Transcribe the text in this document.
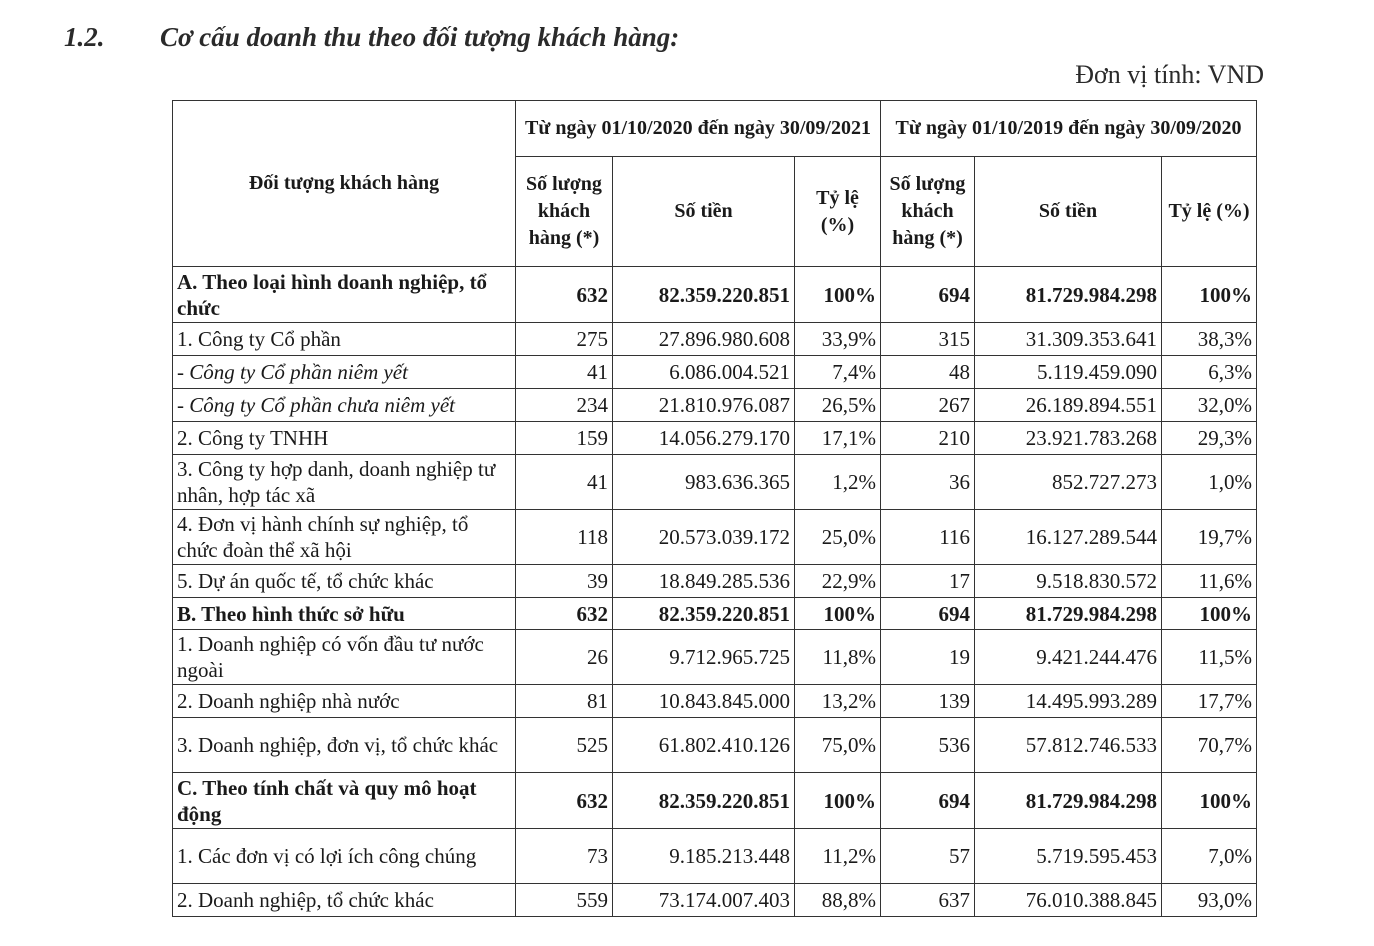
1.2. Cơ cấu doanh thu theo đối tượng khách hàng:
Đơn vị tính: VND
Đối tượng khách hàng	Từ ngày 01/10/2020 đến ngày 30/09/2021			Từ ngày 01/10/2019 đến ngày 30/09/2020		
	Số lượng khách hàng (*)	Số tiền	Tỷ lệ (%)	Số lượng khách hàng (*)	Số tiền	Tỷ lệ (%)
A. Theo loại hình doanh nghiệp, tổ chức	632	82.359.220.851	100%	694	81.729.984.298	100%
1. Công ty Cổ phần	275	27.896.980.608	33,9%	315	31.309.353.641	38,3%
- Công ty Cổ phần niêm yết	41	6.086.004.521	7,4%	48	5.119.459.090	6,3%
- Công ty Cổ phần chưa niêm yết	234	21.810.976.087	26,5%	267	26.189.894.551	32,0%
2. Công ty TNHH	159	14.056.279.170	17,1%	210	23.921.783.268	29,3%
3. Công ty hợp danh, doanh nghiệp tư nhân, hợp tác xã	41	983.636.365	1,2%	36	852.727.273	1,0%
4. Đơn vị hành chính sự nghiệp, tổ chức đoàn thể xã hội	118	20.573.039.172	25,0%	116	16.127.289.544	19,7%
5. Dự án quốc tế, tổ chức khác	39	18.849.285.536	22,9%	17	9.518.830.572	11,6%
B. Theo hình thức sở hữu	632	82.359.220.851	100%	694	81.729.984.298	100%
1. Doanh nghiệp có vốn đầu tư nước ngoài	26	9.712.965.725	11,8%	19	9.421.244.476	11,5%
2. Doanh nghiệp nhà nước	81	10.843.845.000	13,2%	139	14.495.993.289	17,7%
3. Doanh nghiệp, đơn vị, tổ chức khác	525	61.802.410.126	75,0%	536	57.812.746.533	70,7%
C. Theo tính chất và quy mô hoạt động	632	82.359.220.851	100%	694	81.729.984.298	100%
1. Các đơn vị có lợi ích công chúng	73	9.185.213.448	11,2%	57	5.719.595.453	7,0%
2. Doanh nghiệp, tổ chức khác	559	73.174.007.403	88,8%	637	76.010.388.845	93,0%
